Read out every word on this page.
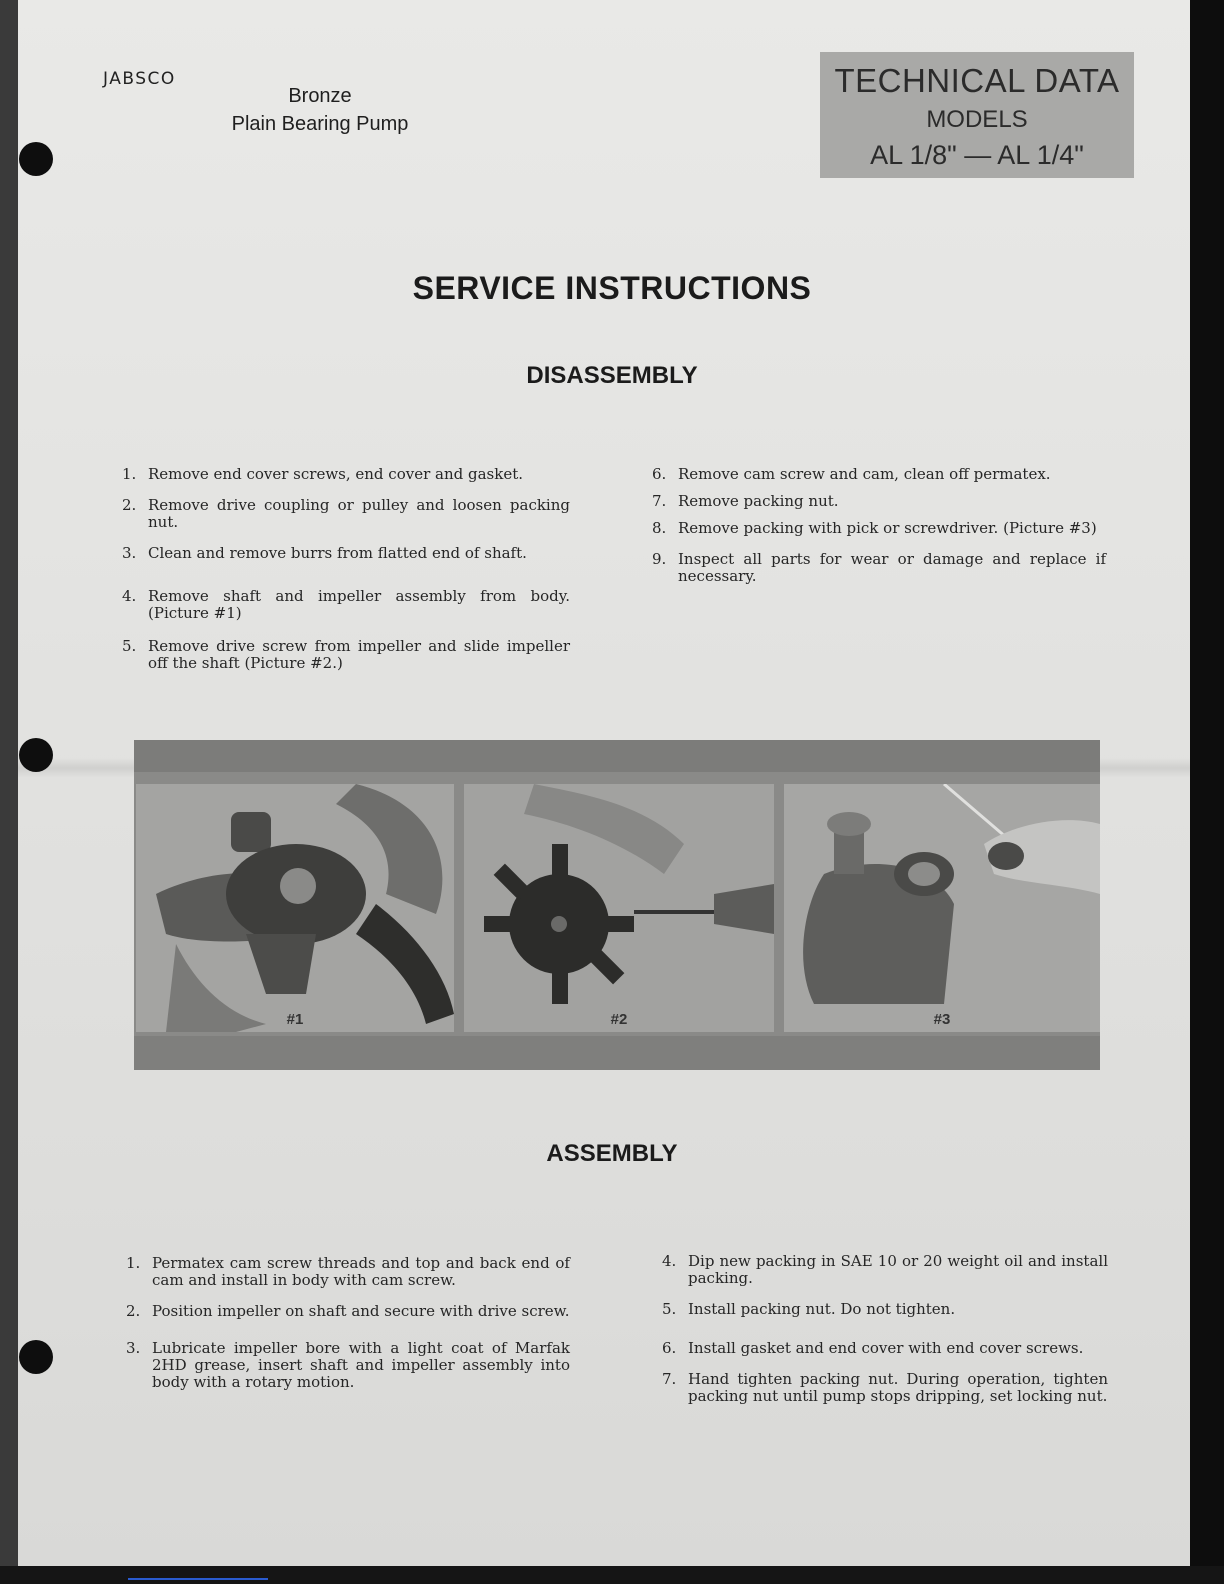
JABSCO
Bronze
Plain Bearing Pump
TECHNICAL DATA
MODELS
AL 1/8" — AL 1/4"
SERVICE INSTRUCTIONS
DISASSEMBLY
1. Remove end cover screws, end cover and gasket.
2. Remove drive coupling or pulley and loosen packing nut.
3. Clean and remove burrs from flatted end of shaft.
4. Remove shaft and impeller assembly from body. (Picture #1)
5. Remove drive screw from impeller and slide impeller off the shaft (Picture #2.)
6. Remove cam screw and cam, clean off permatex.
7. Remove packing nut.
8. Remove packing with pick or screwdriver. (Picture #3)
9. Inspect all parts for wear or damage and replace if necessary.
#1	#2	#3
ASSEMBLY
1. Permatex cam screw threads and top and back end of cam and install in body with cam screw.
2. Position impeller on shaft and secure with drive screw.
3. Lubricate impeller bore with a light coat of Marfak 2HD grease, insert shaft and impeller assembly into body with a rotary motion.
4. Dip new packing in SAE 10 or 20 weight oil and install packing.
5. Install packing nut. Do not tighten.
6. Install gasket and end cover with end cover screws.
7. Hand tighten packing nut. During operation, tighten packing nut until pump stops dripping, set locking nut.
